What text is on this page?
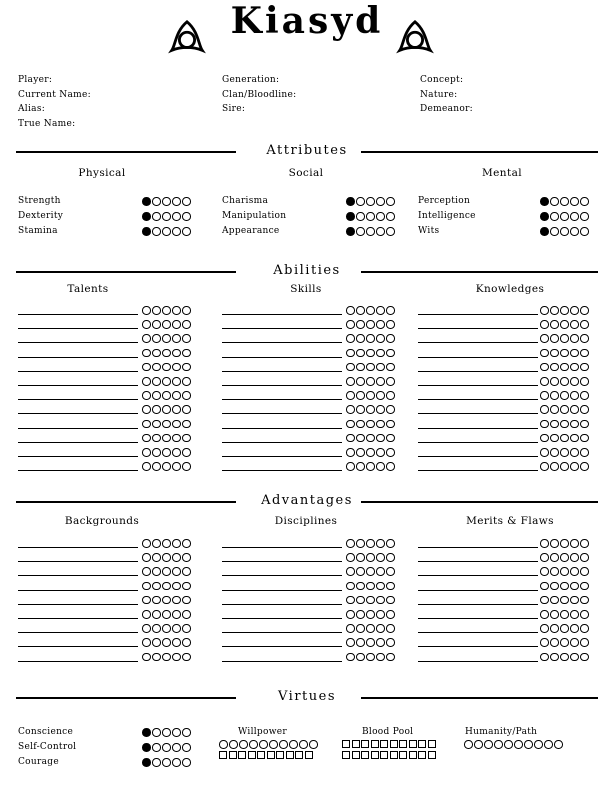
Kiasyd
Player:
Current Name:
Alias:
True Name:
Generation:
Clan/Bloodline:
Sire:
Concept:
Nature:
Demeanor:
Attributes
Physical
Strength
Dexterity
Stamina
Social
Charisma
Manipulation
Appearance
Mental
Perception
Intelligence
Wits
Abilities
Talents	Skills	Knowledges
Advantages
Backgrounds	Disciplines	Merits & Flaws
Virtues
Conscience
Self-Control
Courage
Willpower	Blood Pool	Humanity/Path
